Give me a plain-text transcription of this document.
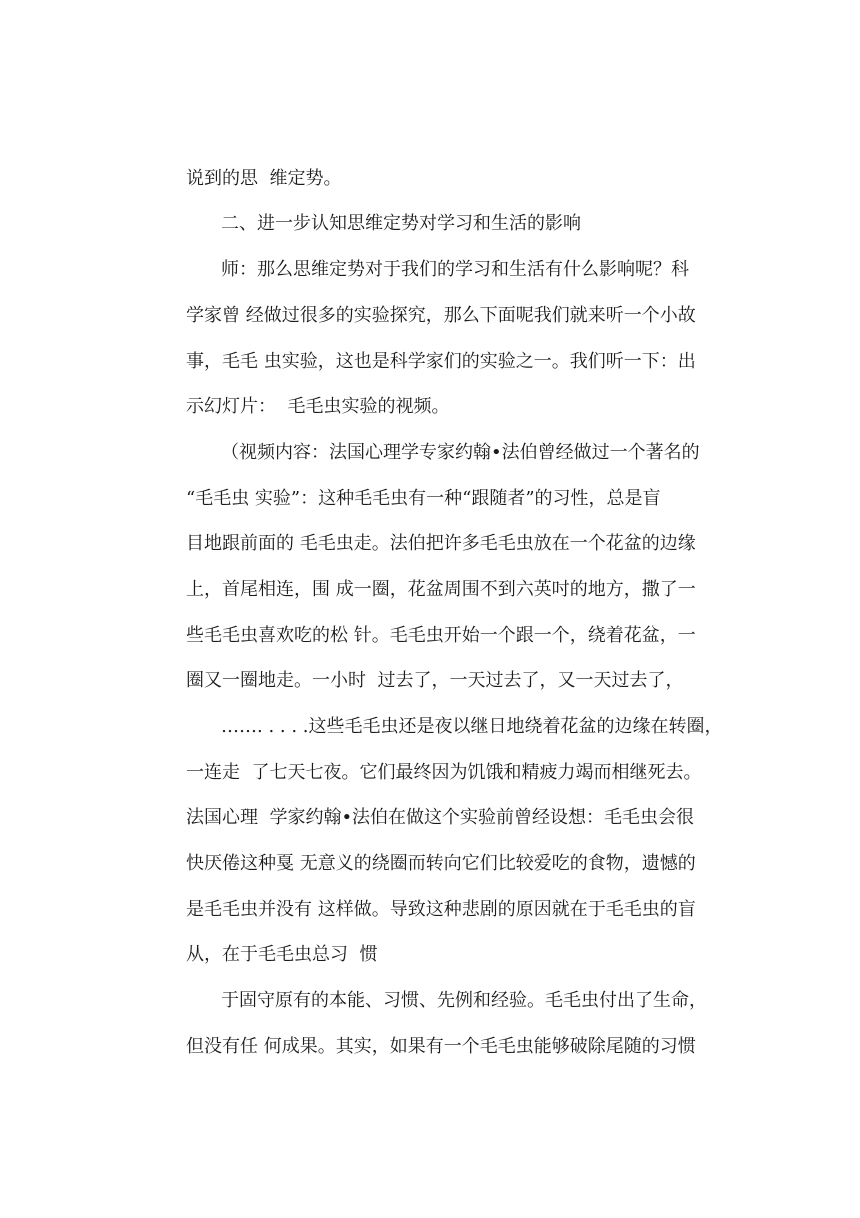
说到的思  维定势。
二、进一步认知思维定势对学习和生活的影响
师：那么思维定势对于我们的学习和生活有什么影响呢？科
学家曾 经做过很多的实验探究，那么下面呢我们就来听一个小故
事，毛毛 虫实验，这也是科学家们的实验之一。我们听一下：出
示幻灯片：  毛毛虫实验的视频。
（视频内容：法国心理学专家约翰•法伯曾经做过一个著名的
“毛毛虫 实验”：这种毛毛虫有一种“跟随者”的习性，总是盲
目地跟前面的 毛毛虫走。法伯把许多毛毛虫放在一个花盆的边缘
上，首尾相连，围 成一圈，花盆周围不到六英吋的地方，撒了一
些毛毛虫喜欢吃的松 针。毛毛虫开始一个跟一个，绕着花盆，一
圈又一圈地走。一小时  过去了，一天过去了，又一天过去了，
……. . . . .这些毛毛虫还是夜以继日地绕着花盆的边缘在转圈，
一连走  了七天七夜。它们最终因为饥饿和精疲力竭而相继死去。
法国心理  学家约翰•法伯在做这个实验前曾经设想：毛毛虫会很
快厌倦这种戛 无意义的绕圈而转向它们比较爱吃的食物，遗憾的
是毛毛虫并没有 这样做。导致这种悲剧的原因就在于毛毛虫的盲
从，在于毛毛虫总习  惯
于固守原有的本能、习惯、先例和经验。毛毛虫付出了生命，
但没有任 何成果。其实，如果有一个毛毛虫能够破除尾随的习惯
